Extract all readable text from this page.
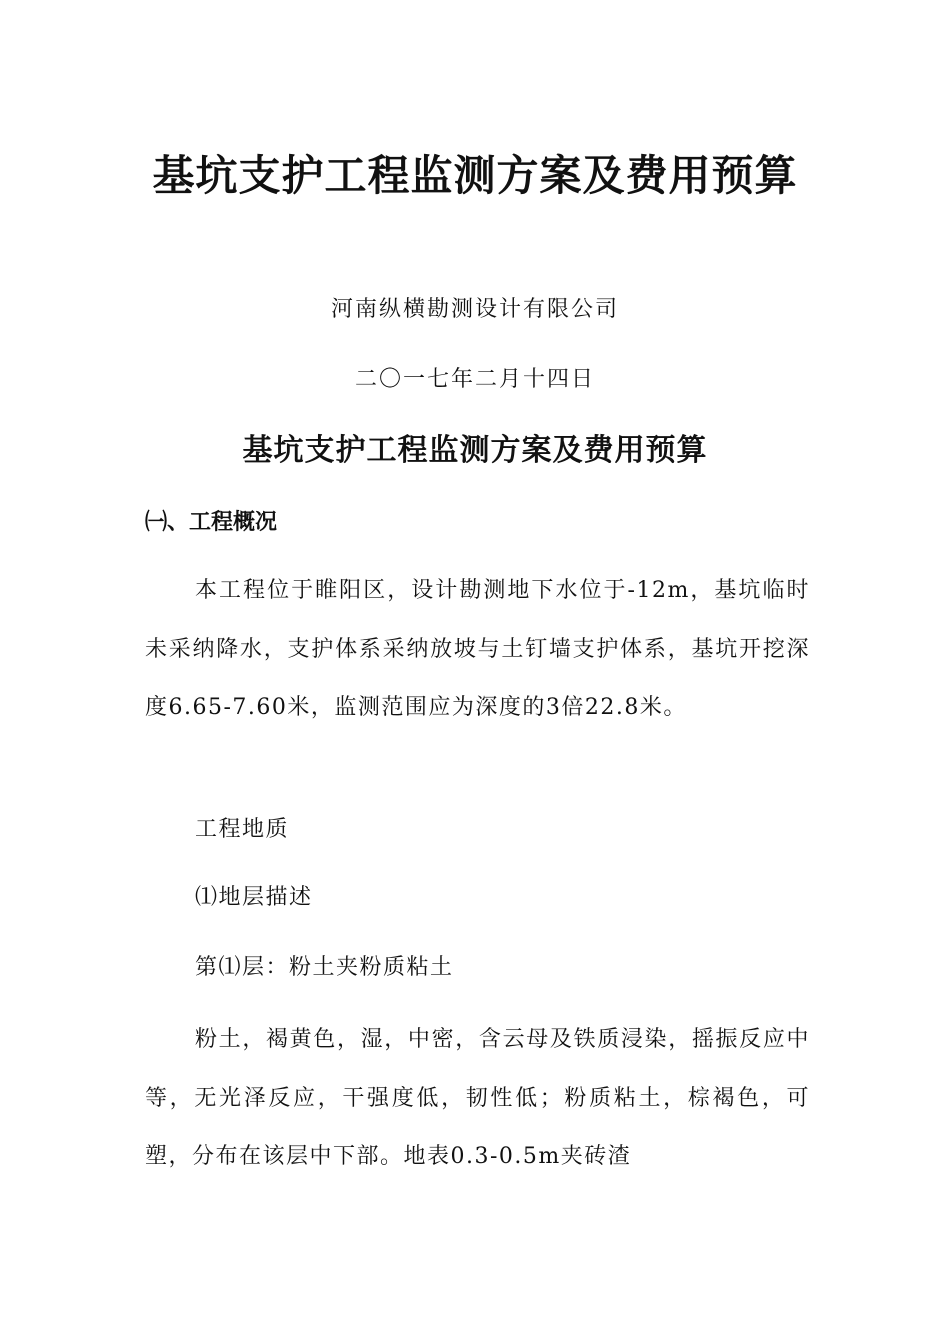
基坑支护工程监测方案及费用预算
河南纵横勘测设计有限公司
二〇一七年二月十四日
基坑支护工程监测方案及费用预算
㈠、工程概况
本工程位于睢阳区，设计勘测地下水位于-12m，基坑临时未采纳降水，支护体系采纳放坡与土钉墙支护体系，基坑开挖深度6.65-7.60米，监测范围应为深度的3倍22.8米。
工程地质
⑴地层描述
第⑴层：粉土夹粉质粘土
粉土，褐黄色，湿，中密，含云母及铁质浸染，摇振反应中等，无光泽反应，干强度低，韧性低；粉质粘土，棕褐色，可塑，分布在该层中下部。地表0.3-0.5m夹砖渣
